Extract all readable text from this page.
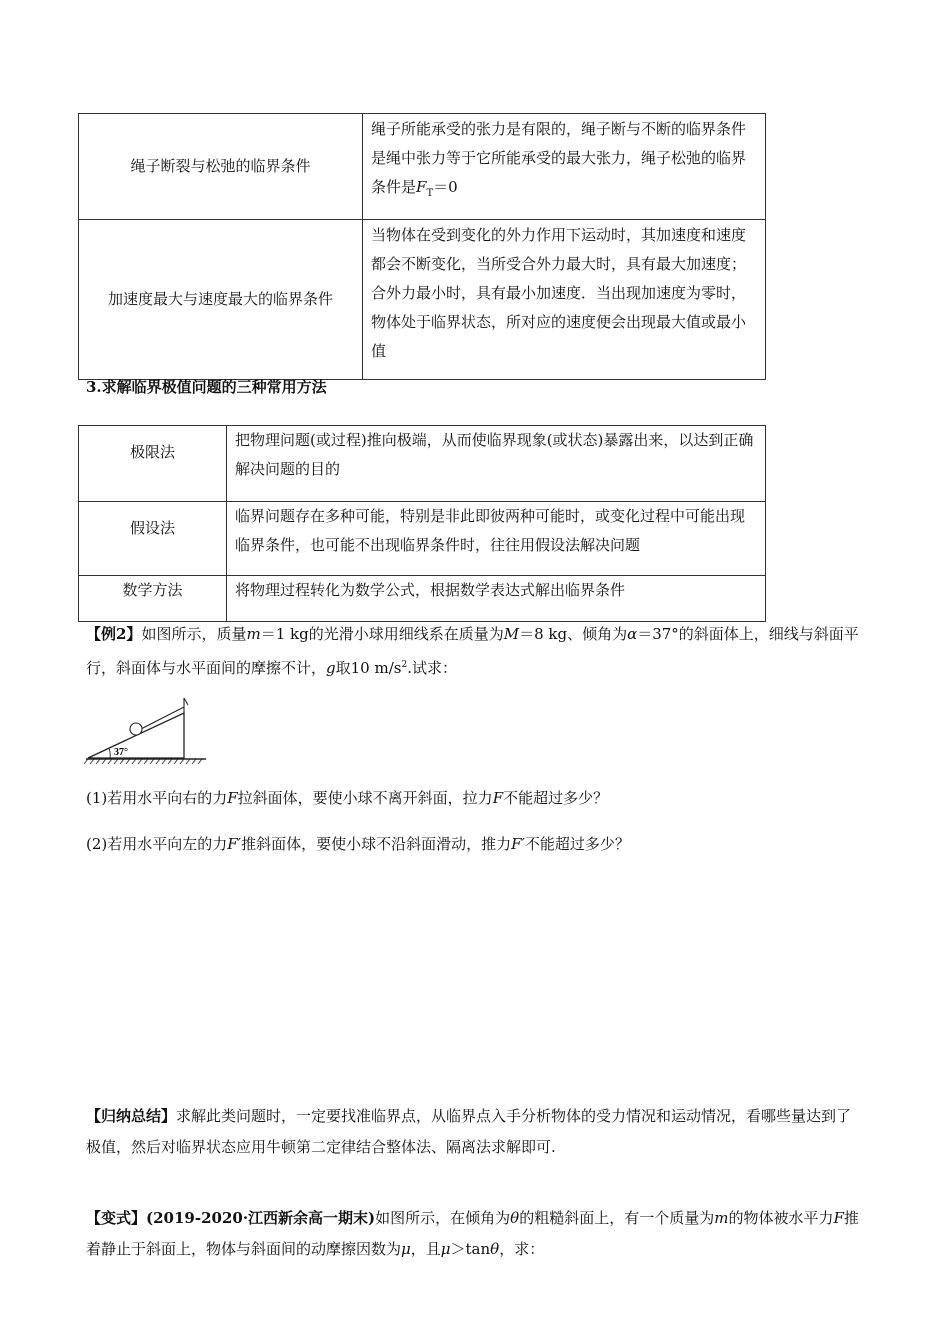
绳子断裂与松弛的临界条件	绳子所能承受的张力是有限的，绳子断与不断的临界条件是绳中张力等于它所能承受的最大张力，绳子松弛的临界条件是$F_T=0$
加速度最大与速度最大的临界条件	当物体在受到变化的外力作用下运动时，其加速度和速度都会不断变化，当所受合外力最大时，具有最大加速度；合外力最小时，具有最小加速度．当出现加速度为零时，物体处于临界状态，所对应的速度便会出现最大值或最小值
3.求解临界极值问题的三种常用方法
极限法	把物理问题(或过程)推向极端，从而使临界现象(或状态)暴露出来，以达到正确解决问题的目的
假设法	临界问题存在多种可能，特别是非此即彼两种可能时，或变化过程中可能出现临界条件，也可能不出现临界条件时，往往用假设法解决问题
数学方法	将物理过程转化为数学公式，根据数学表达式解出临界条件
【例2】如图所示，质量m＝1 kg的光滑小球用细线系在质量为M＝8 kg、倾角为α＝37°的斜面体上，细线与斜面平行，斜面体与水平面间的摩擦不计，g取10 $m/s^2$.试求：
37°
(1)若用水平向右的力F拉斜面体，要使小球不离开斜面，拉力F不能超过多少？
(2)若用水平向左的力F′推斜面体，要使小球不沿斜面滑动，推力F′不能超过多少？
【归纳总结】求解此类问题时，一定要找准临界点，从临界点入手分析物体的受力情况和运动情况，看哪些量达到了极值，然后对临界状态应用牛顿第二定律结合整体法、隔离法求解即可.
【变式】(2019-2020·江西新余高一期末)如图所示，在倾角为θ的粗糙斜面上，有一个质量为m的物体被水平力F推着静止于斜面上，物体与斜面间的动摩擦因数为μ，且μ＞tanθ，求：
